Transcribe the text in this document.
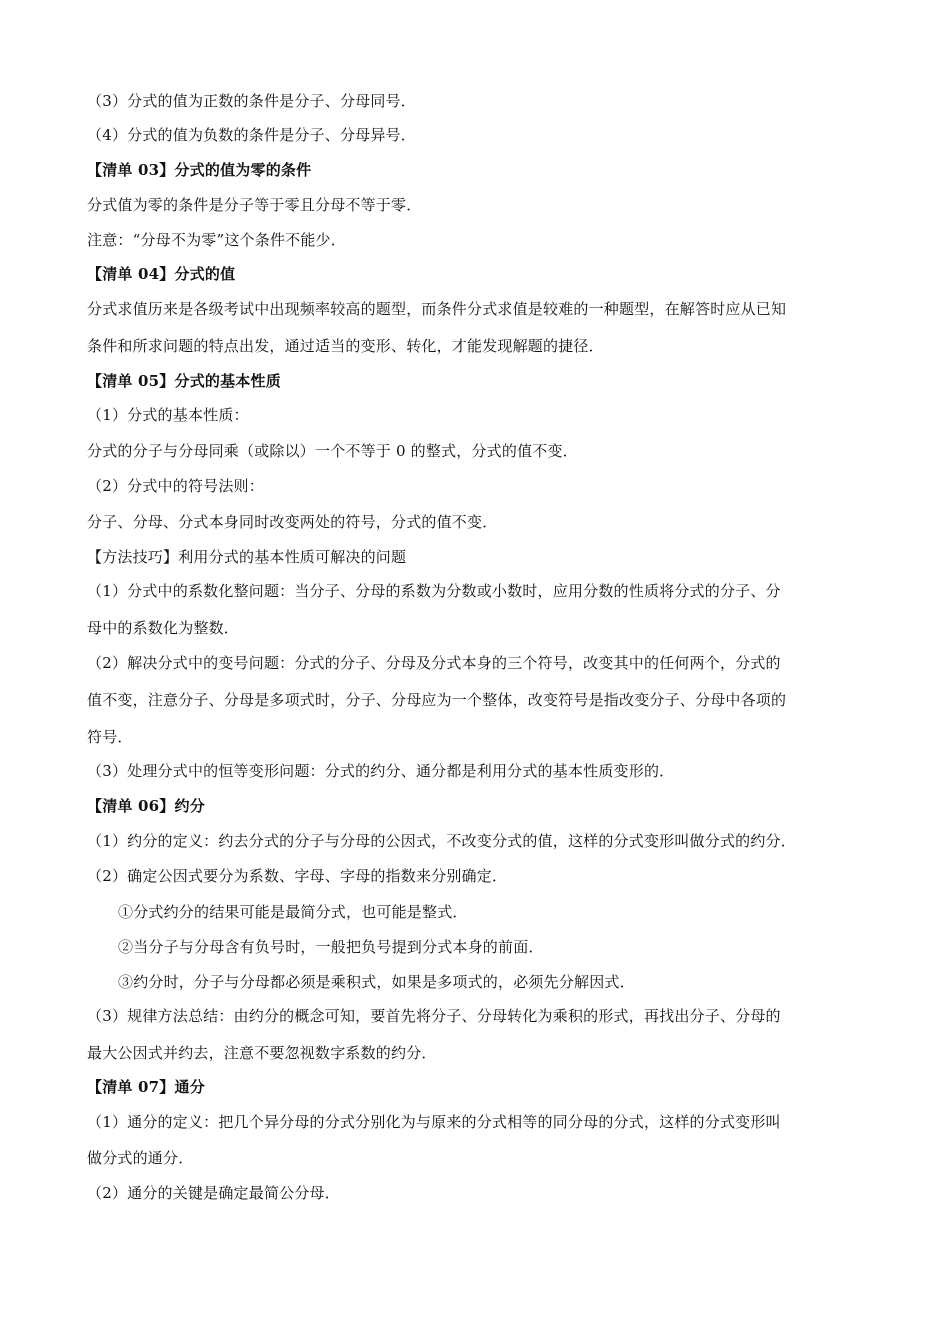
（3）分式的值为正数的条件是分子、分母同号．
（4）分式的值为负数的条件是分子、分母异号．
【清单 03】分式的值为零的条件
分式值为零的条件是分子等于零且分母不等于零．
注意：“分母不为零”这个条件不能少．
【清单 04】分式的值
分式求值历来是各级考试中出现频率较高的题型，而条件分式求值是较难的一种题型，在解答时应从已知
条件和所求问题的特点出发，通过适当的变形、转化，才能发现解题的捷径．
【清单 05】分式的基本性质
（1）分式的基本性质：
分式的分子与分母同乘（或除以）一个不等于 0 的整式，分式的值不变．
（2）分式中的符号法则：
分子、分母、分式本身同时改变两处的符号，分式的值不变．
【方法技巧】利用分式的基本性质可解决的问题
（1）分式中的系数化整问题：当分子、分母的系数为分数或小数时，应用分数的性质将分式的分子、分
母中的系数化为整数．
（2）解决分式中的变号问题：分式的分子、分母及分式本身的三个符号，改变其中的任何两个，分式的
值不变，注意分子、分母是多项式时，分子、分母应为一个整体，改变符号是指改变分子、分母中各项的
符号．
（3）处理分式中的恒等变形问题：分式的约分、通分都是利用分式的基本性质变形的．
【清单 06】约分
（1）约分的定义：约去分式的分子与分母的公因式，不改变分式的值，这样的分式变形叫做分式的约分．
（2）确定公因式要分为系数、字母、字母的指数来分别确定．
①分式约分的结果可能是最简分式，也可能是整式．
②当分子与分母含有负号时，一般把负号提到分式本身的前面．
③约分时，分子与分母都必须是乘积式，如果是多项式的，必须先分解因式．
（3）规律方法总结：由约分的概念可知，要首先将分子、分母转化为乘积的形式，再找出分子、分母的
最大公因式并约去，注意不要忽视数字系数的约分．
【清单 07】通分
（1）通分的定义：把几个异分母的分式分别化为与原来的分式相等的同分母的分式，这样的分式变形叫
做分式的通分．
（2）通分的关键是确定最简公分母．
